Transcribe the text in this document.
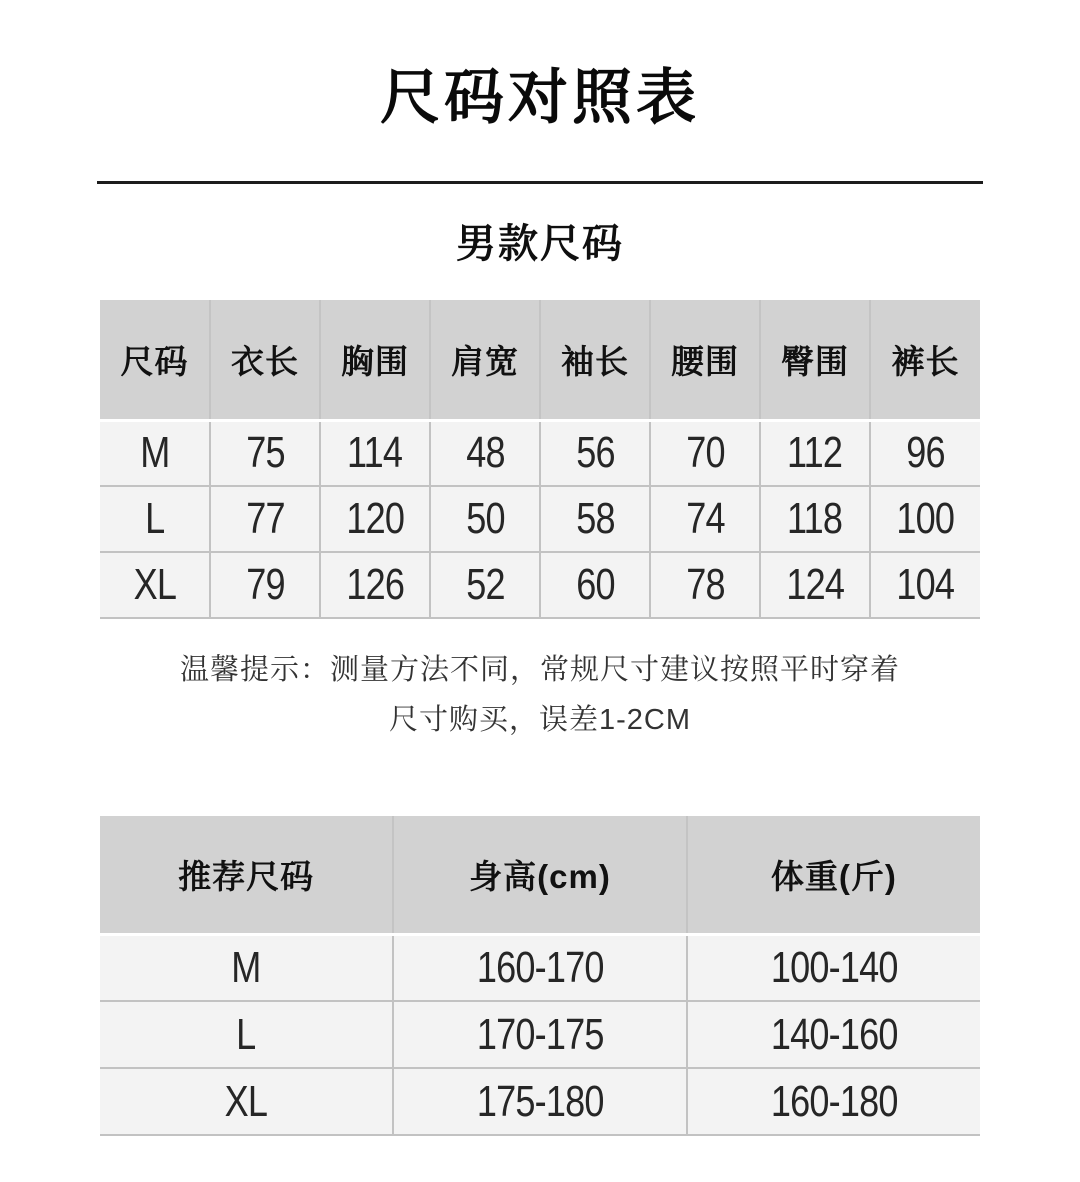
尺码对照表
男款尺码
尺码	衣长	胸围	肩宽	袖长	腰围	臀围	裤长
M	75	114	48	56	70	112	96
L	77	120	50	58	74	118	100
XL	79	126	52	60	78	124	104
温馨提示：测量方法不同，常规尺寸建议按照平时穿着
尺寸购买，误差1-2CM
推荐尺码	身高(cm)	体重(斤)
M	160-170	100-140
L	170-175	140-160
XL	175-180	160-180
